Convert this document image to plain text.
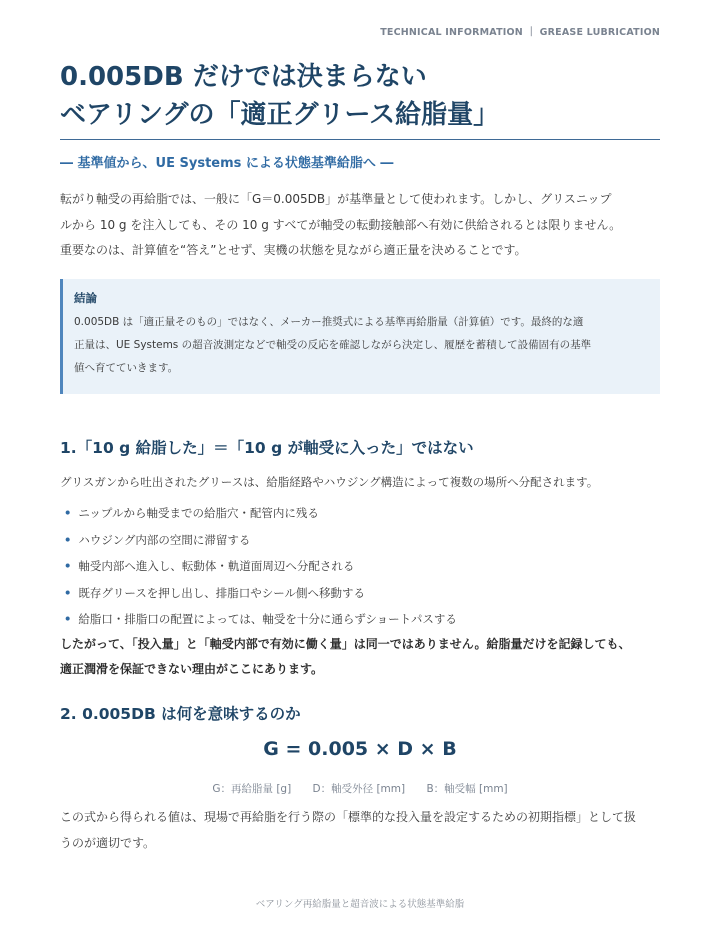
TECHNICAL INFORMATION ｜ GREASE LUBRICATION
0.005DB だけでは決まらない
ベアリングの「適正グリース給脂量」
― 基準値から、UE Systems による状態基準給脂へ ―
転がり軸受の再給脂では、一般に「G＝0.005DB」が基準量として使われます。しかし、グリスニップ
ルから 10 g を注入しても、その 10 g すべてが軸受の転動接触部へ有効に供給されるとは限りません。
重要なのは、計算値を“答え”とせず、実機の状態を見ながら適正量を決めることです。
結論
0.005DB は「適正量そのもの」ではなく、メーカー推奨式による基準再給脂量（計算値）です。最終的な適
正量は、UE Systems の超音波測定などで軸受の反応を確認しながら決定し、履歴を蓄積して設備固有の基準
値へ育てていきます。
1.「10 g 給脂した」＝「10 g が軸受に入った」ではない
グリスガンから吐出されたグリースは、給脂経路やハウジング構造によって複数の場所へ分配されます。
• ニップルから軸受までの給脂穴・配管内に残る
• ハウジング内部の空間に滞留する
• 軸受内部へ進入し、転動体・軌道面周辺へ分配される
• 既存グリースを押し出し、排脂口やシール側へ移動する
• 給脂口・排脂口の配置によっては、軸受を十分に通らずショートパスする
したがって、「投入量」と「軸受内部で有効に働く量」は同一ではありません。給脂量だけを記録しても、
適正潤滑を保証できない理由がここにあります。
2. 0.005DB は何を意味するのか
G = 0.005 × D × B
G：再給脂量 [g] D：軸受外径 [mm] B：軸受幅 [mm]
この式から得られる値は、現場で再給脂を行う際の「標準的な投入量を設定するための初期指標」として扱
うのが適切です。
ベアリング再給脂量と超音波による状態基準給脂
